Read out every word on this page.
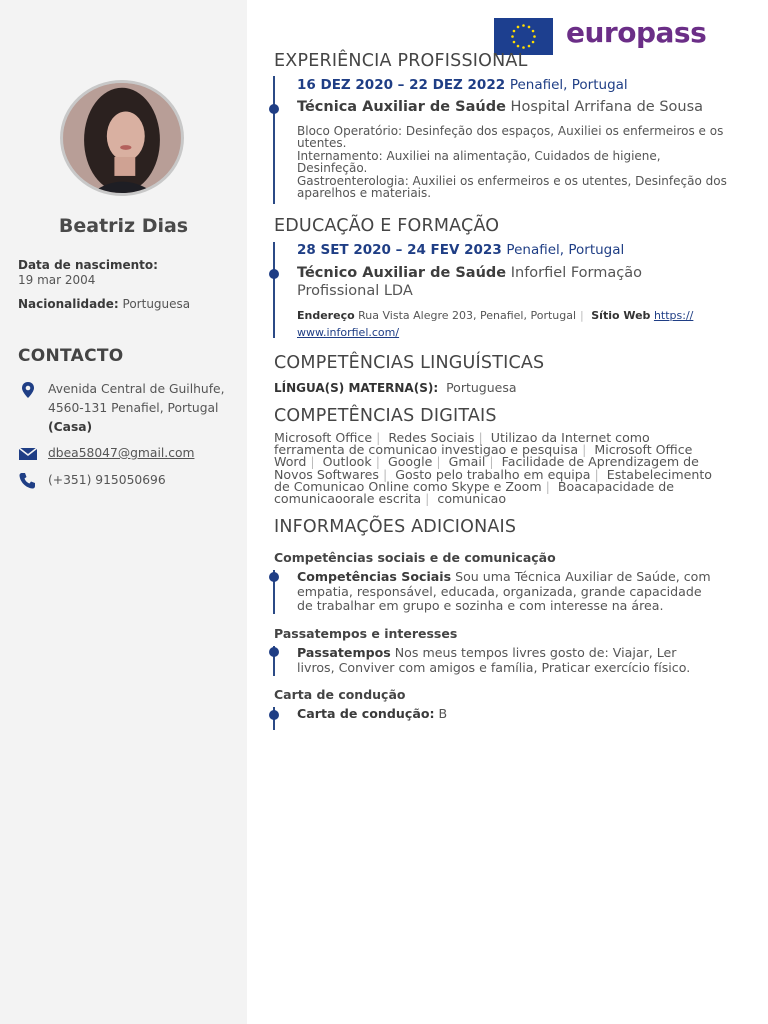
Beatriz Dias
Data de nascimento:
19 mar 2004
Nacionalidade: Portuguesa
CONTACTO
Avenida Central de Guilhufe,
4560-131 Penafiel, Portugal
(Casa)
dbea58047@gmail.com
(+351) 915050696
europass
EXPERIÊNCIA PROFISSIONAL
16 DEZ 2020 – 22 DEZ 2022 Penafiel, Portugal
Técnica Auxiliar de Saúde Hospital Arrifana de Sousa
Bloco Operatório: Desinfeção dos espaços, Auxiliei os enfermeiros e os utentes.
Internamento: Auxiliei na alimentação, Cuidados de higiene, Desinfeção.
Gastroenterologia: Auxiliei os enfermeiros e os utentes, Desinfeção dos aparelhos e materiais.
EDUCAÇÃO E FORMAÇÃO
28 SET 2020 – 24 FEV 2023 Penafiel, Portugal
Técnico Auxiliar de Saúde Inforfiel Formação Profissional LDA
Endereço Rua Vista Alegre 203, Penafiel, Portugal | Sítio Web https:// www.inforfiel.com/
COMPETÊNCIAS LINGUÍSTICAS
LÍNGUA(S) MATERNA(S): Portuguesa
COMPETÊNCIAS DIGITAIS
Microsoft Office | Redes Sociais | Utilizao da Internet como ferramenta de comunicao investigao e pesquisa | Microsoft Office Word | Outlook | Google | Gmail | Facilidade de Aprendizagem de Novos Softwares | Gosto pelo trabalho em equipa | Estabelecimento de Comunicao Online como Skype e Zoom | Boacapacidade de comunicaoorale escrita | comunicao
INFORMAÇÕES ADICIONAIS
Competências sociais e de comunicação
Competências Sociais Sou uma Técnica Auxiliar de Saúde, com empatia, responsável, educada, organizada, grande capacidade de trabalhar em grupo e sozinha e com interesse na área.
Passatempos e interesses
Passatempos Nos meus tempos livres gosto de: Viajar, Ler livros, Conviver com amigos e família, Praticar exercício físico.
Carta de condução
Carta de condução: B
